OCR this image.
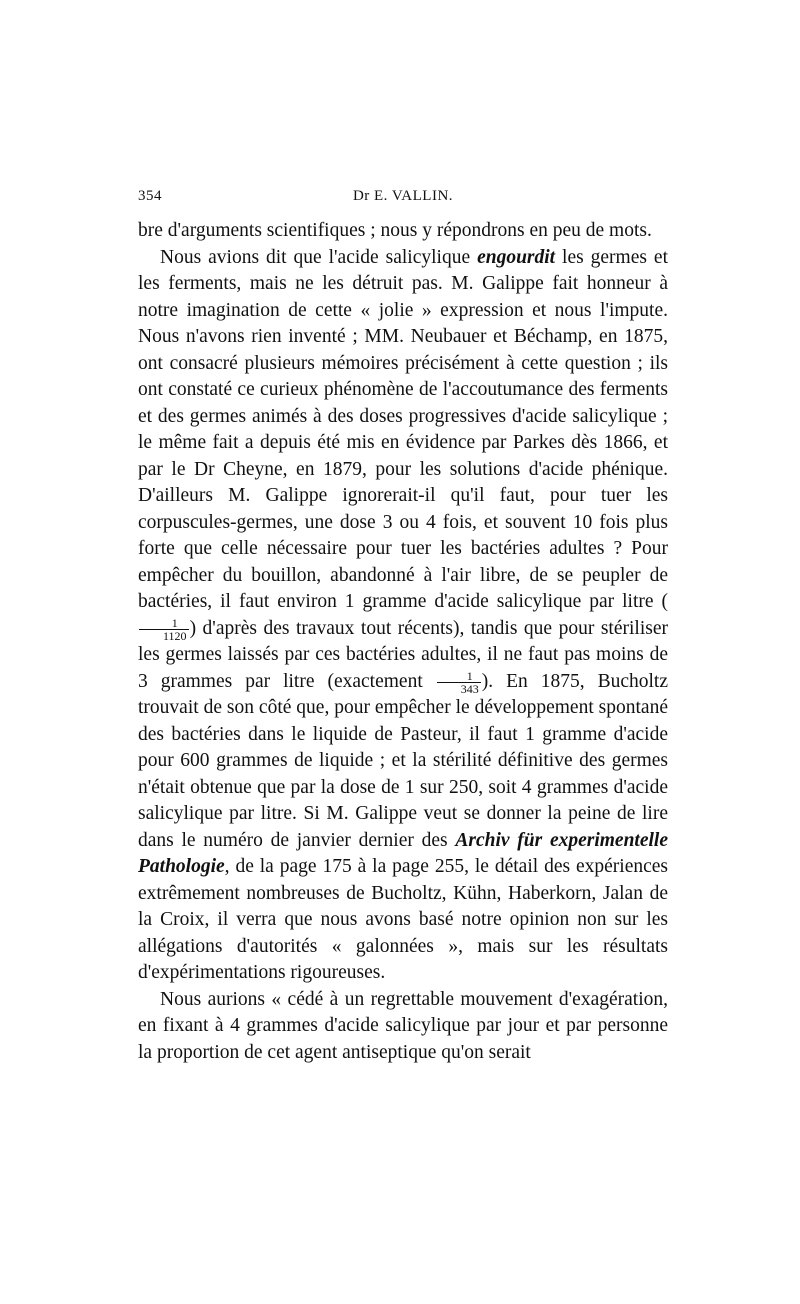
354	Dr E. VALLIN.

bre d'arguments scientifiques ; nous y répondrons en peu de mots.

Nous avions dit que l'acide salicylique engourdit les germes et les ferments, mais ne les détruit pas. M. Galippe fait honneur à notre imagination de cette « jolie » expression et nous l'impute. Nous n'avons rien inventé ; MM. Neubauer et Béchamp, en 1875, ont consacré plusieurs mémoires précisément à cette question ; ils ont constaté ce curieux phénomène de l'accoutumance des ferments et des germes animés à des doses progressives d'acide salicylique ; le même fait a depuis été mis en évidence par Parkes dès 1866, et par le Dr Cheyne, en 1879, pour les solutions d'acide phénique. D'ailleurs M. Galippe ignorerait-il qu'il faut, pour tuer les corpuscules-germes, une dose 3 ou 4 fois, et souvent 10 fois plus forte que celle nécessaire pour tuer les bactéries adultes ? Pour empêcher du bouillon, abandonné à l'air libre, de se peupler de bactéries, il faut environ 1 gramme d'acide salicylique par litre (
$\frac{1}{1120}$ ) d'après des travaux tout récents), tandis que pour stériliser les germes laissés par ces bactéries adultes, il ne faut pas moins de 3 grammes par litre (exactement $\frac{1}{343}$ ). En 1875, Bucholtz trouvait de son côté que, pour empêcher le développement spontané des bactéries dans le liquide de Pasteur, il faut 1 gramme d'acide pour 600 grammes de liquide ; et la stérilité définitive des germes n'était obtenue que par la dose de 1 sur 250, soit 4 grammes d'acide salicylique par litre. Si M. Galippe veut se donner la peine de lire dans le numéro de janvier dernier des Archiv für experimentelle Pathologie, de la page 175 à la page 255, le détail des expériences extrêmement nombreuses de Bucholtz, Kühn, Haberkorn, Jalan de la Croix, il verra que nous avons basé notre opinion non sur les allégations d'autorités « galonnées », mais sur les résultats d'expérimentations rigoureuses.

Nous aurions « cédé à un regrettable mouvement d'exagération, en fixant à 4 grammes d'acide salicylique par jour et par personne la proportion de cet agent antiseptique qu'on serait
